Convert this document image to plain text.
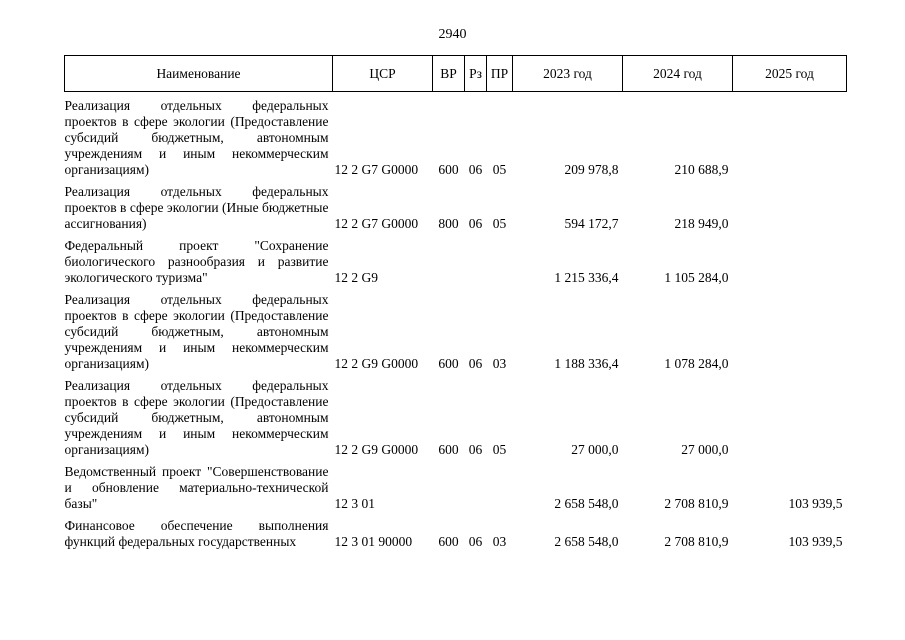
2940
Наименование	ЦСР	ВР	Рз	ПР	2023 год	2024 год	2025 год
Реализация отдельных федеральных проектов в сфере экологии (Предоставление субсидий бюджетным, автономным учреждениям и иным некоммерческим организациям)	12 2 G7 G0000	600	06	05	209 978,8	210 688,9	

Реализация отдельных федеральных проектов в сфере экологии (Иные бюджетные ассигнования)	12 2 G7 G0000	800	06	05	594 172,7	218 949,0	

Федеральный проект "Сохранение биологического разнообразия и развитие экологического туризма"	12 2 G9				1 215 336,4	1 105 284,0	

Реализация отдельных федеральных проектов в сфере экологии (Предоставление субсидий бюджетным, автономным учреждениям и иным некоммерческим организациям)	12 2 G9 G0000	600	06	03	1 188 336,4	1 078 284,0	

Реализация отдельных федеральных проектов в сфере экологии (Предоставление субсидий бюджетным, автономным учреждениям и иным некоммерческим организациям)	12 2 G9 G0000	600	06	05	27 000,0	27 000,0	

Ведомственный проект "Совершенствование и обновление материально-технической базы"	12 3 01				2 658 548,0	2 708 810,9	103 939,5

Финансовое обеспечение выполнения функций федеральных государственных	12 3 01 90000	600	06	03	2 658 548,0	2 708 810,9	103 939,5
